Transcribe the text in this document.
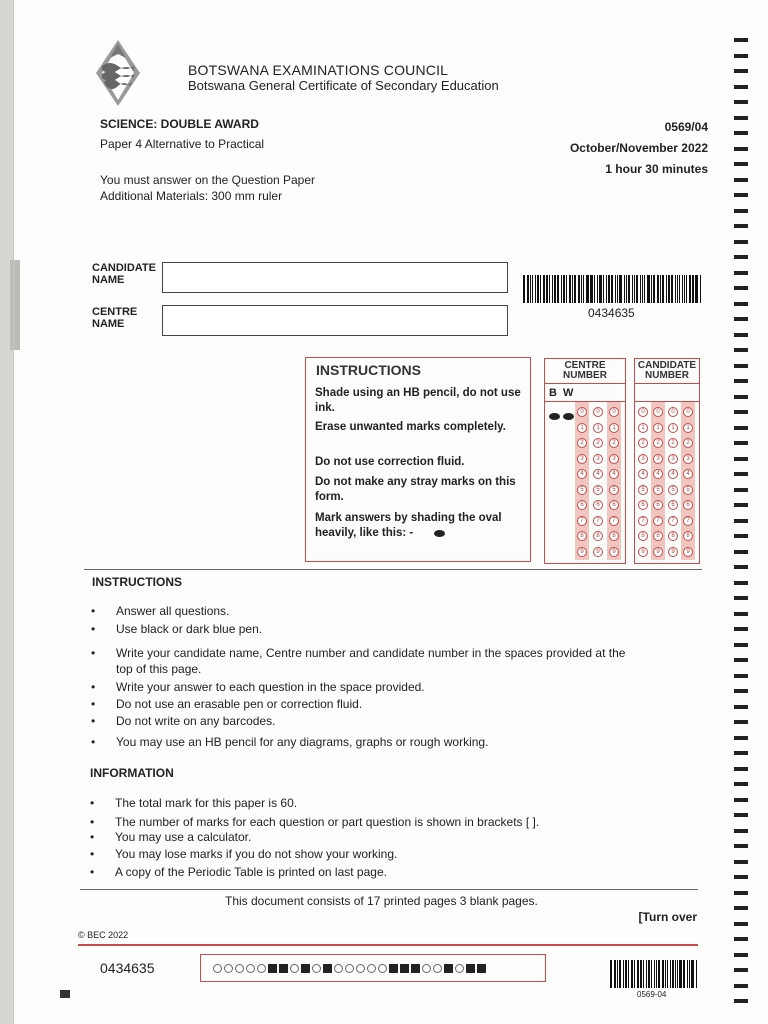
BOTSWANA EXAMINATIONS COUNCIL
Botswana General Certificate of Secondary Education
SCIENCE: DOUBLE AWARD
Paper 4 Alternative to Practical
0569/04
October/November 2022
1 hour 30 minutes
You must answer on the Question Paper
Additional Materials: 300 mm ruler
CANDIDATE
NAME
CENTRE
NAME
0434635
INSTRUCTIONS
Shade using an HB pencil, do not use ink.
Erase unwanted marks completely.
Do not use correction fluid.
Do not make any stray marks on this form.
Mark answers by shading the oval heavily, like this: -
CENTRE NUMBER
B W
0
1
2
3
4
5
6
7
8
9
0
1
2
3
4
5
6
7
8
9
0
1
2
3
4
5
6
7
8
9
CANDIDATE NUMBER
0
1
2
3
4
5
6
7
8
9
0
1
2
3
4
5
6
7
8
9
0
1
2
3
4
5
6
7
8
9
0
1
2
3
4
5
6
7
8
9
INSTRUCTIONS
• Answer all questions.
• Use black or dark blue pen.
• Write your candidate name, Centre number and candidate number in the spaces provided at the top of this page.
• Write your answer to each question in the space provided.
• Do not use an erasable pen or correction fluid.
• Do not write on any barcodes.
• You may use an HB pencil for any diagrams, graphs or rough working.
INFORMATION
• The total mark for this paper is 60.
• The number of marks for each question or part question is shown in brackets [ ].
• You may use a calculator.
• You may lose marks if you do not show your working.
• A copy of the Periodic Table is printed on last page.
This document consists of 17 printed pages 3 blank pages.
[Turn over
© BEC 2022
0434635
0569-04
